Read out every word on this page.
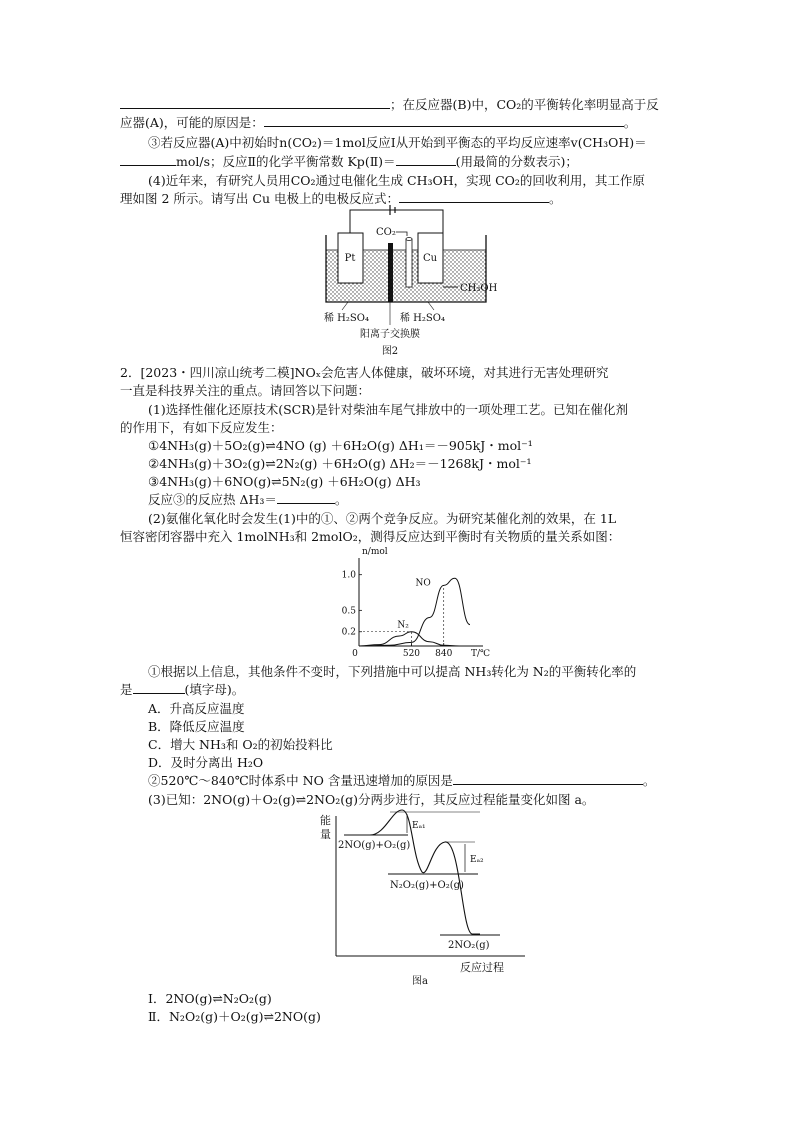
；在反应器(B)中，CO₂的平衡转化率明显高于反
应器(A)，可能的原因是：	。
③若反应器(A)中初始时n(CO₂)＝1mol反应Ⅰ从开始到平衡态的平均反应速率v(CH₃OH)＝
mol/s；反应Ⅱ的化学平衡常数 Kp(Ⅱ)＝	(用最简的分数表示)；
(4)近年来，有研究人员用CO₂通过电催化生成 CH₃OH，实现 CO₂的回收利用，其工作原
理如图 2 所示。请写出 Cu 电极上的电极反应式：	。
Pt	Cu
CO₂
CH₃OH
稀 H₂SO₄	稀 H₂SO₄
阳离子交换膜
图2
2．[2023・四川凉山统考二模]NOₓ会危害人体健康，破坏环境，对其进行无害处理研究
一直是科技界关注的重点。请回答以下问题：
(1)选择性催化还原技术(SCR)是针对柴油车尾气排放中的一项处理工艺。已知在催化剂
的作用下，有如下反应发生：
①4NH₃(g)＋5O₂(g)⇌4NO (g) ＋6H₂O(g) ΔH₁＝－905kJ・mol⁻¹
②4NH₃(g)＋3O₂(g)⇌2N₂(g) ＋6H₂O(g) ΔH₂＝－1268kJ・mol⁻¹
③4NH₃(g)＋6NO(g)⇌5N₂(g) ＋6H₂O(g) ΔH₃
反应③的反应热 ΔH₃＝	。
(2)氨催化氧化时会发生(1)中的①、②两个竞争反应。为研究某催化剂的效果，在 1L
恒容密闭容器中充入 1molNH₃和 2molO₂，测得反应达到平衡时有关物质的量关系如图：
n/mol
T/℃
0
0.2
0.5
1.0
520 840
NO
N₂
①根据以上信息，其他条件不变时，下列措施中可以提高 NH₃转化为 N₂的平衡转化率的
是	(填字母)。
A．升高反应温度
B．降低反应温度
C．增大 NH₃和 O₂的初始投料比
D．及时分离出 H₂O
②520℃～840℃时体系中 NO 含量迅速增加的原因是	。
(3)已知：2NO(g)＋O₂(g)⇌2NO₂(g)分两步进行，其反应过程能量变化如图 a。
能
量
反应过程
图a
Eₐ₁
Eₐ₂
2NO(g)+O₂(g)
N₂O₂(g)+O₂(g)
2NO₂(g)
Ⅰ．2NO(g)⇌N₂O₂(g)
Ⅱ．N₂O₂(g)＋O₂(g)⇌2NO(g)
